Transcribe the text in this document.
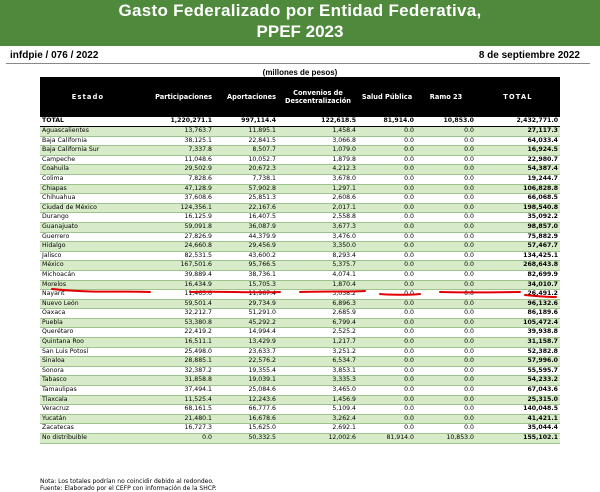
Gasto Federalizado por Entidad Federativa,
PPEF 2023
infdpie / 076 / 2022	8 de septiembre 2022
(millones de pesos)
Estado	Participaciones	Aportaciones	Convenios de Descentralización	Salud Pública	Ramo 23	TOTAL
TOTAL	1,220,271.1	997,114.4	122,618.5	81,914.0	10,853.0	2,432,771.0
Aguascalientes	13,763.7	11,895.1	1,458.4	0.0	0.0	27,117.3
Baja California	38,125.1	22,841.5	3,066.8	0.0	0.0	64,033.4
Baja California Sur	7,337.8	8,507.7	1,079.0	0.0	0.0	16,924.5
Campeche	11,048.6	10,052.7	1,879.8	0.0	0.0	22,980.7
Coahuila	29,502.9	20,672.3	4,212.3	0.0	0.0	54,387.4
Colima	7,828.6	7,738.1	3,678.0	0.0	0.0	19,244.7
Chiapas	47,128.9	57,902.8	1,297.1	0.0	0.0	106,828.8
Chihuahua	37,608.6	25,851.3	2,608.6	0.0	0.0	66,068.5
Ciudad de México	124,356.1	22,167.6	2,017.1	0.0	0.0	198,540.8
Durango	16,125.9	16,407.5	2,558.8	0.0	0.0	35,092.2
Guanajuato	59,091.8	36,087.9	3,677.3	0.0	0.0	98,857.0
Guerrero	27,826.9	44,379.9	3,476.0	0.0	0.0	75,882.9
Hidalgo	24,660.8	29,456.9	3,350.0	0.0	0.0	57,467.7
Jalisco	82,531.5	43,600.2	8,293.4	0.0	0.0	134,425.1
México	167,501.6	95,766.5	5,375.7	0.0	0.0	268,643.8
Michoacán	39,889.4	38,736.1	4,074.1	0.0	0.0	82,699.9
Morelos	16,434.9	15,705.3	1,870.4	0.0	0.0	34,010.7
Nayarit	11,465.6	11,967.4	3,058.2	0.0	0.0	26,491.2
Nuevo León	59,501.4	29,734.9	6,896.3	0.0	0.0	96,132.6
Oaxaca	32,212.7	51,291.0	2,685.9	0.0	0.0	86,189.6
Puebla	53,380.8	45,292.2	6,799.4	0.0	0.0	105,472.4
Querétaro	22,419.2	14,994.4	2,525.2	0.0	0.0	39,938.8
Quintana Roo	16,511.1	13,429.9	1,217.7	0.0	0.0	31,158.7
San Luis Potosí	25,498.0	23,633.7	3,251.2	0.0	0.0	52,382.8
Sinaloa	28,885.1	22,576.2	6,534.7	0.0	0.0	57,996.0
Sonora	32,387.2	19,355.4	3,853.1	0.0	0.0	55,595.7
Tabasco	31,858.8	19,039.1	3,335.3	0.0	0.0	54,233.2
Tamaulipas	37,494.1	25,084.6	3,465.0	0.0	0.0	67,043.6
Tlaxcala	11,525.4	12,243.6	1,456.9	0.0	0.0	25,315.0
Veracruz	68,161.5	66,777.6	5,109.4	0.0	0.0	140,048.5
Yucatán	21,480.1	16,678.6	3,262.4	0.0	0.0	41,421.1
Zacatecas	16,727.3	15,625.0	2,692.1	0.0	0.0	35,044.4
No distribuible	0.0	50,332.5	12,002.6	81,914.0	10,853.0	155,102.1
Nota: Los totales podrían no coincidir debido al redondeo.
Fuente: Elaborado por el CEFP con información de la SHCP.
